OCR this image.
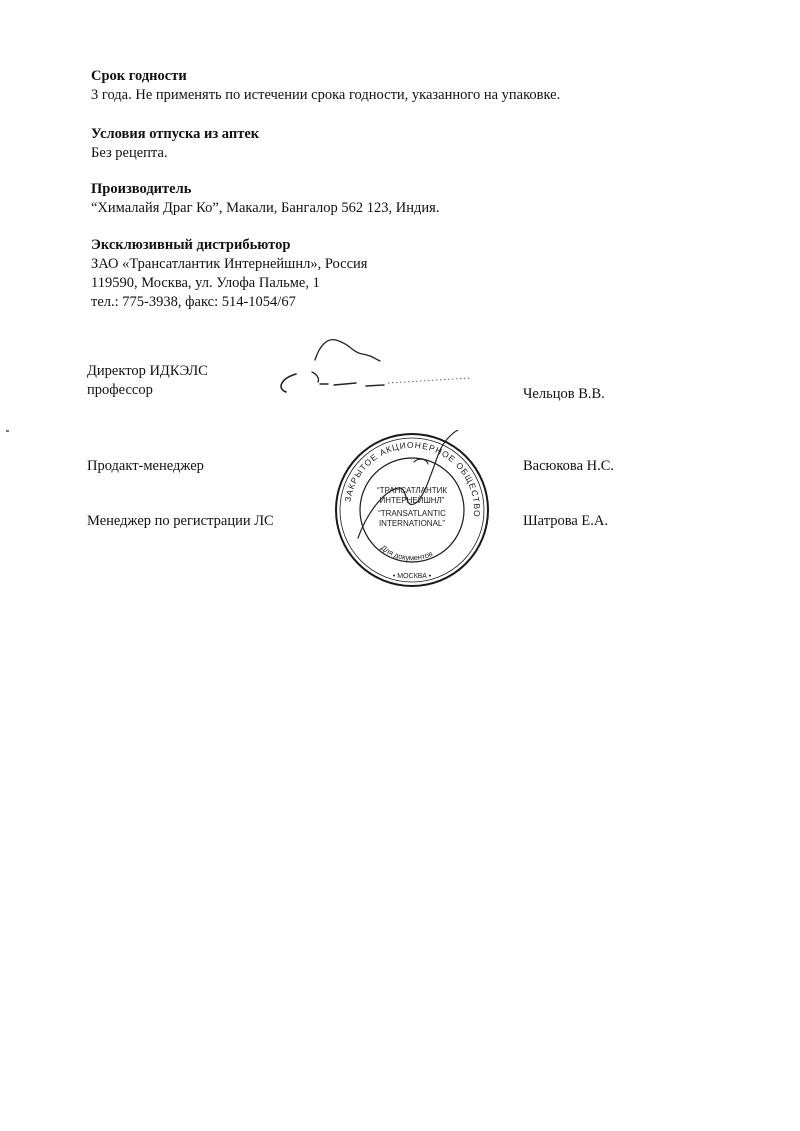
Срок годности
3 года. Не применять по истечении срока годности, указанного на упаковке.
Условия отпуска из аптек
Без рецепта.
Производитель
“Хималайя Драг Ко”, Макали, Бангалор 562 123, Индия.
Эксклюзивный дистрибьютор
ЗАО «Трансатлантик Интернейшнл», Россия
119590, Москва, ул. Улофа Пальме, 1
тел.: 775-3938, факс: 514-1054/67
Директор ИДКЭЛС
профессор	Чельцов В.В.
Продакт-менеджер	Васюкова Н.С.
Менеджер по регистрации ЛС	Шатрова Е.А.
ЗАКРЫТОЕ АКЦИОНЕРНОЕ ОБЩЕСТВО
“ТРАНСАТЛАНТИК
ИНТЕРНЕЙШНЛ”
“TRANSATLANTIC
INTERNATIONAL”
Для документов
• МОСКВА •
